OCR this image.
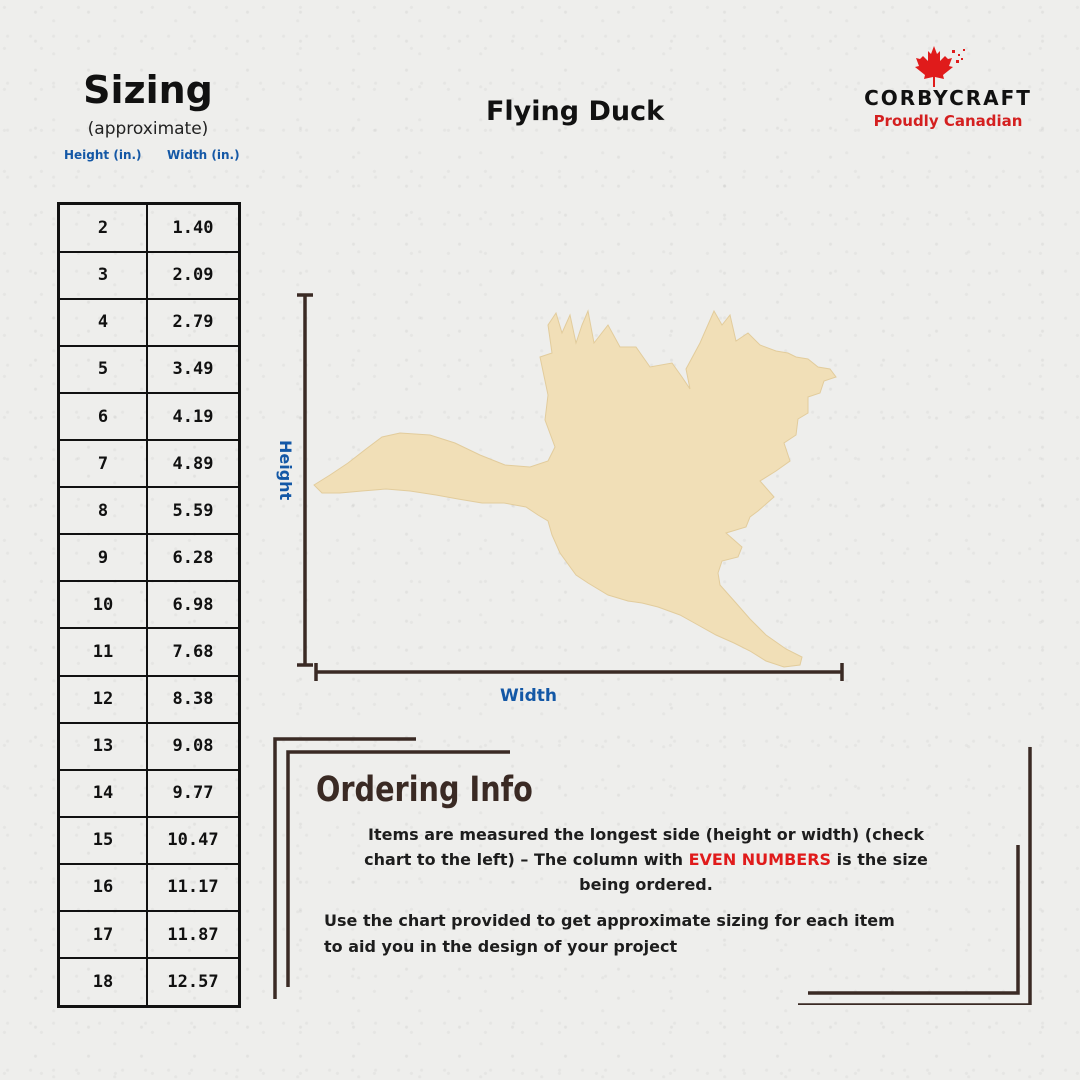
Sizing
(approximate)
Height (in.) Width (in.)
Flying Duck	CORBYCRAFT
Proudly Canadian
2	1.40
3	2.09
4	2.79
5	3.49
6	4.19
7	4.89
8	5.59
9	6.28
10	6.98
11	7.68
12	8.38
13	9.08
14	9.77
15	10.47
16	11.17
17	11.87
18	12.57
Height
Width
Ordering Info
Items are measured the longest side (height or width) (check
chart to the left) – The column with EVEN NUMBERS is the size
being ordered.
Use the chart provided to get approximate sizing for each item
to aid you in the design of your project
